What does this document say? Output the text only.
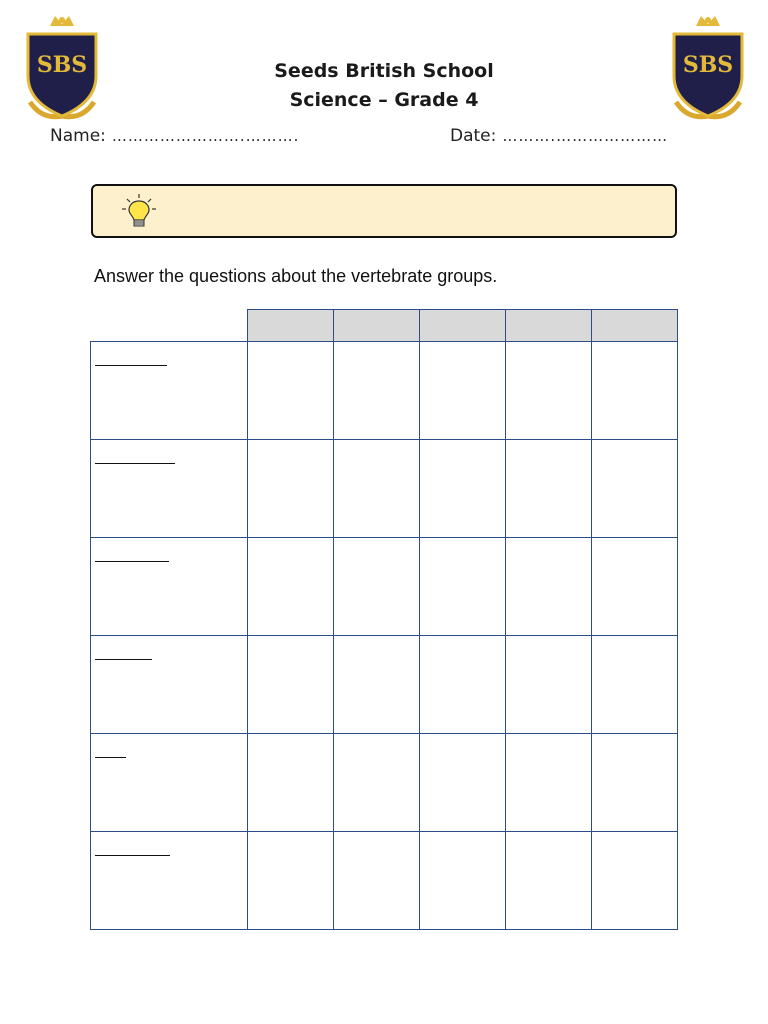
SBS	SBS
Seeds British School
Science – Grade 4
Name: …………………….……….	Date: ……….…………………
Answer the questions about the vertebrate groups.
